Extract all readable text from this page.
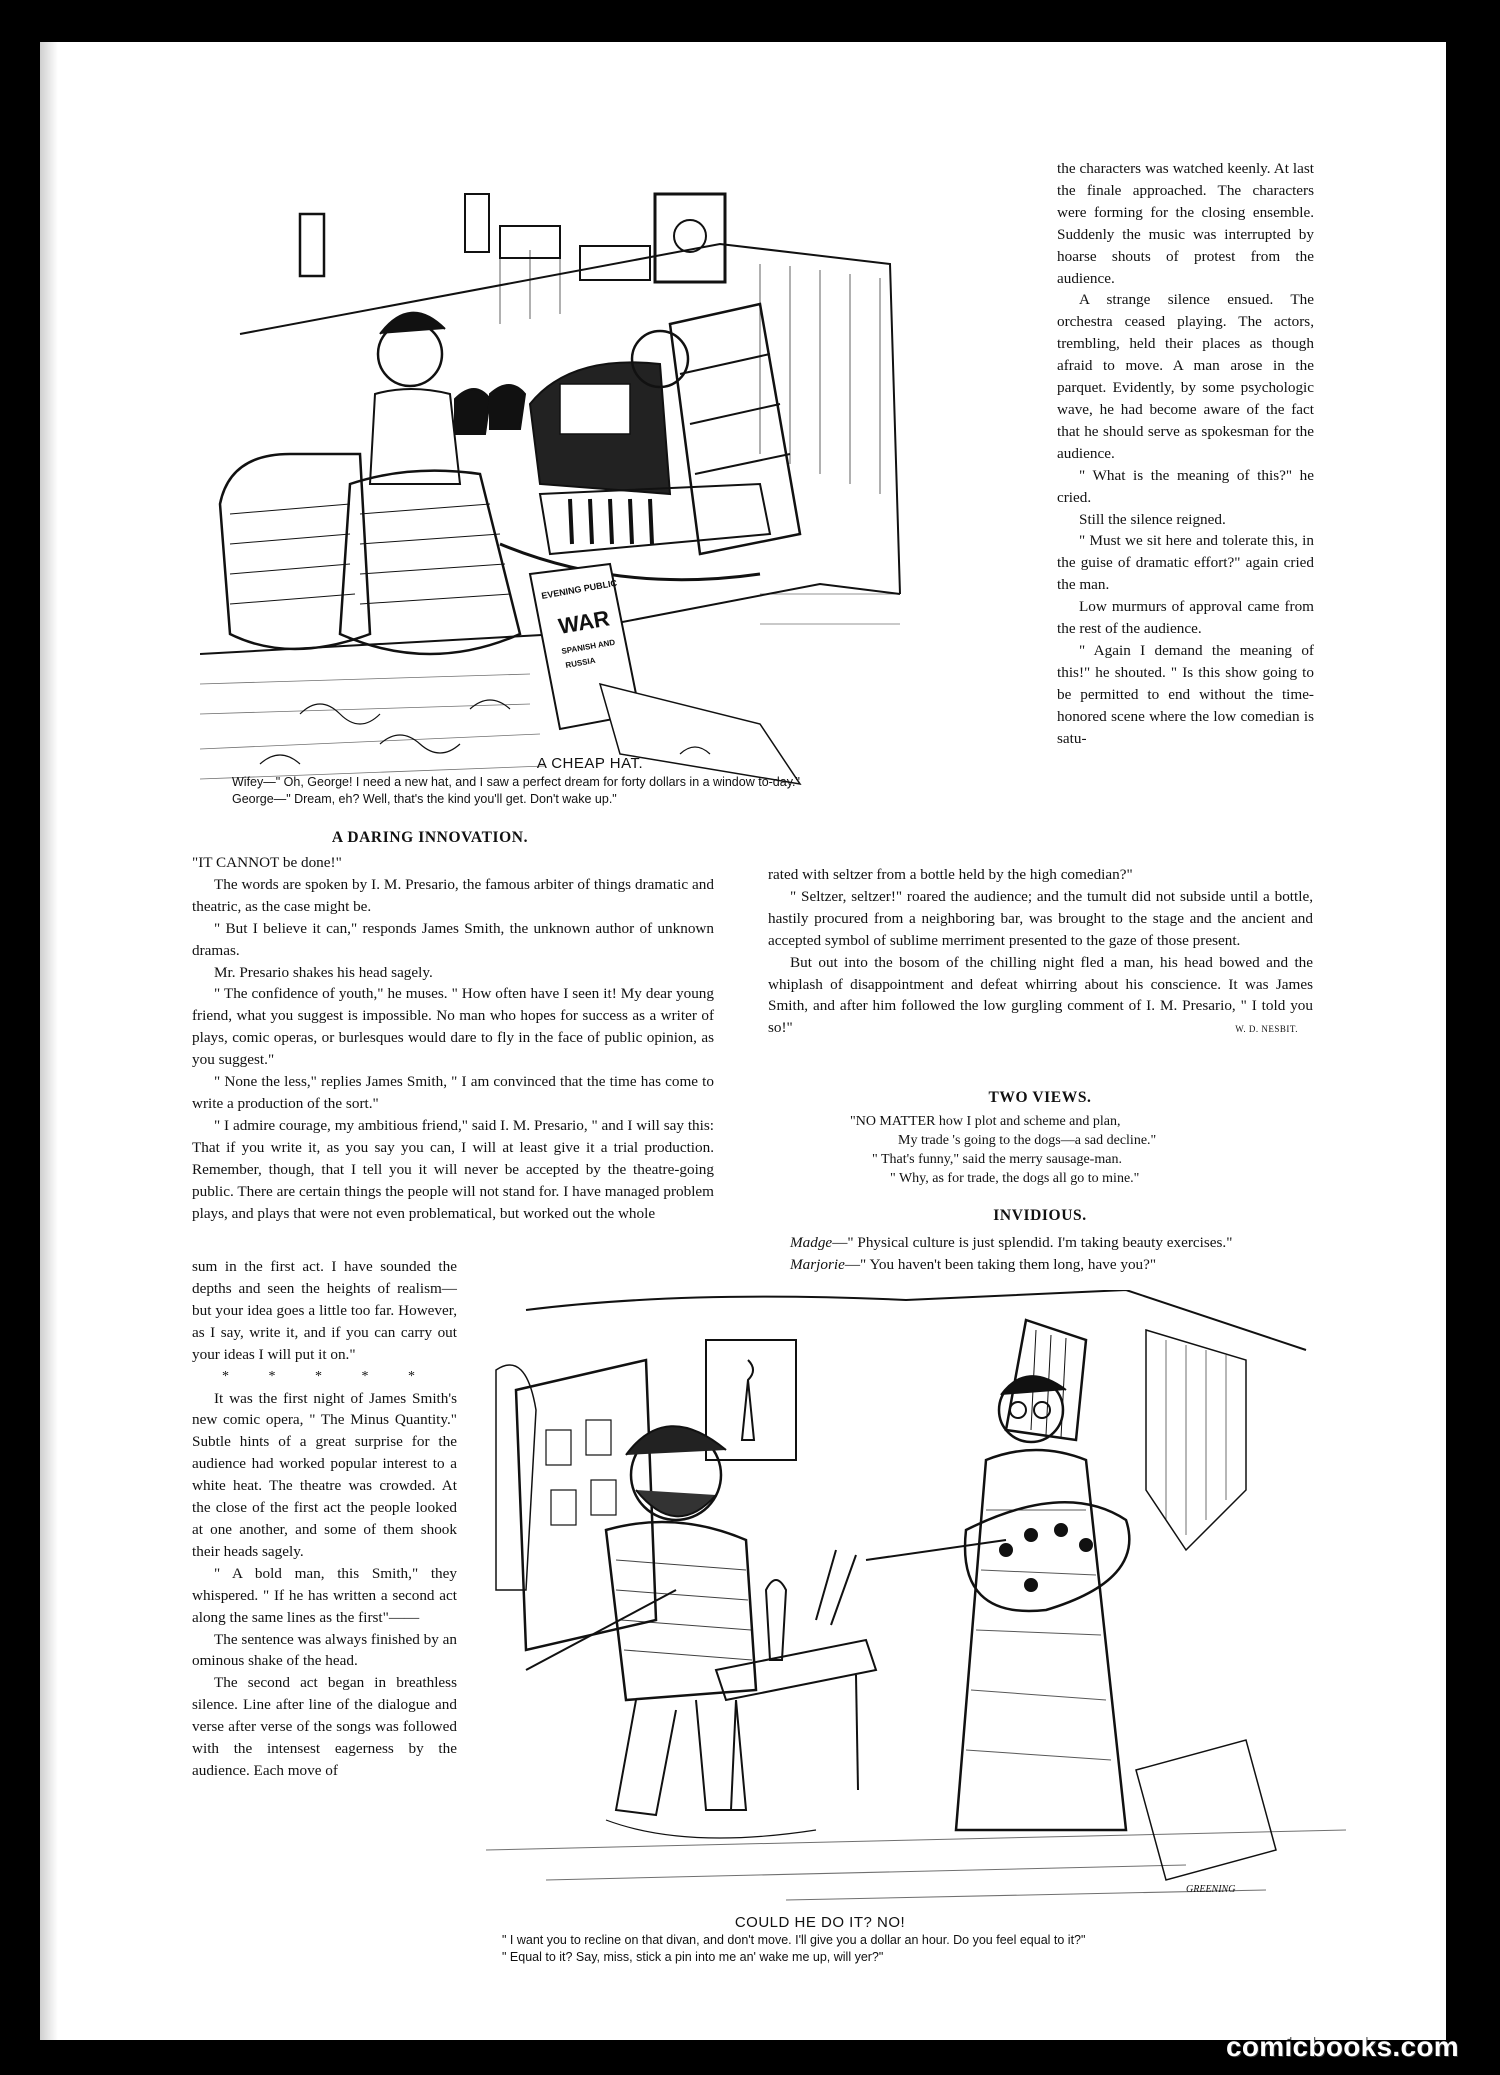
EVENING PUBLIC
WAR
SPANISH AND
RUSSIA
A CHEAP HAT.
Wifey—" Oh, George! I need a new hat, and I saw a perfect dream for forty dollars in a window to-day."
George—" Dream, eh? Well, that's the kind you'll get. Don't wake up."

the characters was watched keenly. At last the finale approached. The characters were forming for the closing ensemble. Suddenly the music was interrupted by hoarse shouts of protest from the audience.

A strange silence ensued. The orchestra ceased playing. The actors, trembling, held their places as though afraid to move. A man arose in the parquet. Evidently, by some psychologic wave, he had become aware of the fact that he should serve as spokesman for the audience.

" What is the meaning of this?" he cried.

Still the silence reigned.

" Must we sit here and tolerate this, in the guise of dramatic effort?" again cried the man.

Low murmurs of approval came from the rest of the audience.

" Again I demand the meaning of this!" he shouted. " Is this show going to be permitted to end without the time-honored scene where the low comedian is satu-

A DARING INNOVATION.

"IT CANNOT be done!"

The words are spoken by I. M. Presario, the famous arbiter of things dramatic and theatric, as the case might be.

" But I believe it can," responds James Smith, the unknown author of unknown dramas.

Mr. Presario shakes his head sagely.

" The confidence of youth," he muses. " How often have I seen it! My dear young friend, what you suggest is impossible. No man who hopes for success as a writer of plays, comic operas, or burlesques would dare to fly in the face of public opinion, as you suggest."

" None the less," replies James Smith, " I am convinced that the time has come to write a production of the sort."

" I admire courage, my ambitious friend," said I. M. Presario, " and I will say this: That if you write it, as you say you can, I will at least give it a trial production. Remember, though, that I tell you it will never be accepted by the theatre-going public. There are certain things the people will not stand for. I have managed problem plays, and plays that were not even problematical, but worked out the whole

sum in the first act. I have sounded the depths and seen the heights of realism—but your idea goes a little too far. However, as I say, write it, and if you can carry out your ideas I will put it on."

* * * * *

It was the first night of James Smith's new comic opera, " The Minus Quantity." Subtle hints of a great surprise for the audience had worked popular interest to a white heat. The theatre was crowded. At the close of the first act the people looked at one another, and some of them shook their heads sagely.

" A bold man, this Smith," they whispered. " If he has written a second act along the same lines as the first"——

The sentence was always finished by an ominous shake of the head.

The second act began in breathless silence. Line after line of the dialogue and verse after verse of the songs was followed with the intensest eagerness by the audience. Each move of

rated with seltzer from a bottle held by the high comedian?"

" Seltzer, seltzer!" roared the audience; and the tumult did not subside until a bottle, hastily procured from a neighboring bar, was brought to the stage and the ancient and accepted symbol of sublime merriment presented to the gaze of those present.

But out into the bosom of the chilling night fled a man, his head bowed and the whiplash of disappointment and defeat whirring about his conscience. It was James Smith, and after him followed the low gurgling comment of I. M. Presario, " I told you so!"	W. D. NESBIT.

TWO VIEWS.
"NO MATTER how I plot and scheme and plan,
My trade 's going to the dogs—a sad decline."
" That's funny," said the merry sausage-man.
" Why, as for trade, the dogs all go to mine."
INVIDIOUS.

Madge—" Physical culture is just splendid. I'm taking beauty exercises."

Marjorie—" You haven't been taking them long, have you?"

GREENING
COULD HE DO IT? NO!
" I want you to recline on that divan, and don't move. I'll give you a dollar an hour. Do you feel equal to it?"
" Equal to it? Say, miss, stick a pin into me an' wake me up, will yer?"
comicbooks.com
